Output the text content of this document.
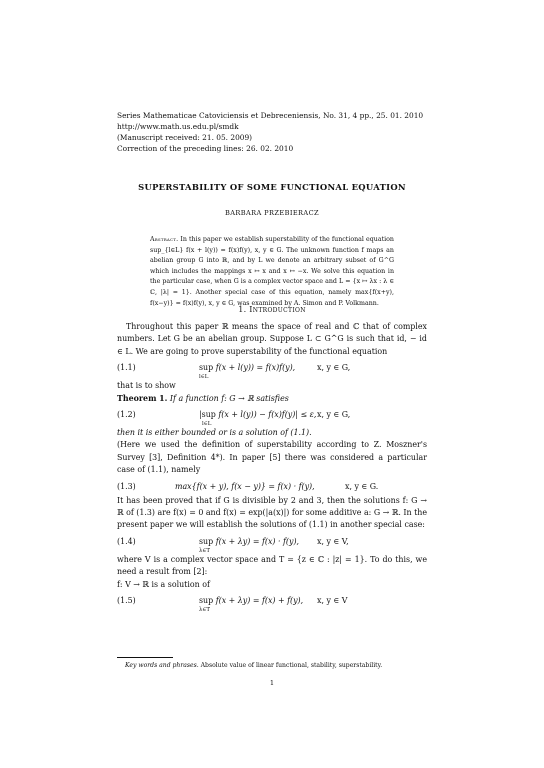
Series Mathematicae Catoviciensis et Debreceniensis, No. 31, 4 pp., 25. 01. 2010
http://www.math.us.edu.pl/smdk
(Manuscript received: 21. 05. 2009)
Correction of the preceding lines: 26. 02. 2010
SUPERSTABILITY OF SOME FUNCTIONAL EQUATION
BARBARA PRZEBIERACZ
Abstract. In this paper we establish superstability of the functional equation sup_{l∈L} f(x + l(y)) = f(x)f(y), x, y ∈ G. The unknown function f maps an abelian group G into ℝ, and by L we denote an arbitrary subset of G^G which includes the mappings x ↦ x and x ↦ −x. We solve this equation in the particular case, when G is a complex vector space and L = {x ↦ λx : λ ∈ ℂ, |λ| = 1}. Another special case of this equation, namely max{f(x+y), f(x−y)} = f(x)f(y), x, y ∈ G, was examined by A. Simon and P. Volkmann.
1. Introduction
Throughout this paper ℝ means the space of real and ℂ that of complex numbers. Let G be an abelian group. Suppose L ⊂ G^G is such that id, − id ∈ L. We are going to prove superstability of the functional equation
(1.1)	sup
l∈L
f(x + l(y)) = f(x)f(y),	x, y ∈ G,
that is to show
Theorem 1. If a function f: G → ℝ satisfies
(1.2)	|sup
l∈L
f(x + l(y)) − f(x)f(y)| ≤ ε, x, y ∈ G,
then it is either bounded or is a solution of (1.1).
(Here we used the definition of superstability according to Z. Moszner's Survey [3], Definition 4*). In paper [5] there was considered a particular case of (1.1), namely
(1.3)	max{f(x + y), f(x − y)} = f(x) · f(y),	x, y ∈ G.
It has been proved that if G is divisible by 2 and 3, then the solutions f: G → ℝ of (1.3) are f(x) = 0 and f(x) = exp(|a(x)|) for some additive a: G → ℝ. In the present paper we will establish the solutions of (1.1) in another special case:
(1.4)	sup
λ∈T
f(x + λy) = f(x) · f(y), x, y ∈ V,
where V is a complex vector space and T = {z ∈ ℂ : |z| = 1}. To do this, we need a result from [2]:
f: V → ℝ is a solution of
(1.5)	sup
λ∈T
f(x + λy) = f(x) + f(y), x, y ∈ V
Key words and phrases. Absolute value of linear functional, stability, superstability.
1
